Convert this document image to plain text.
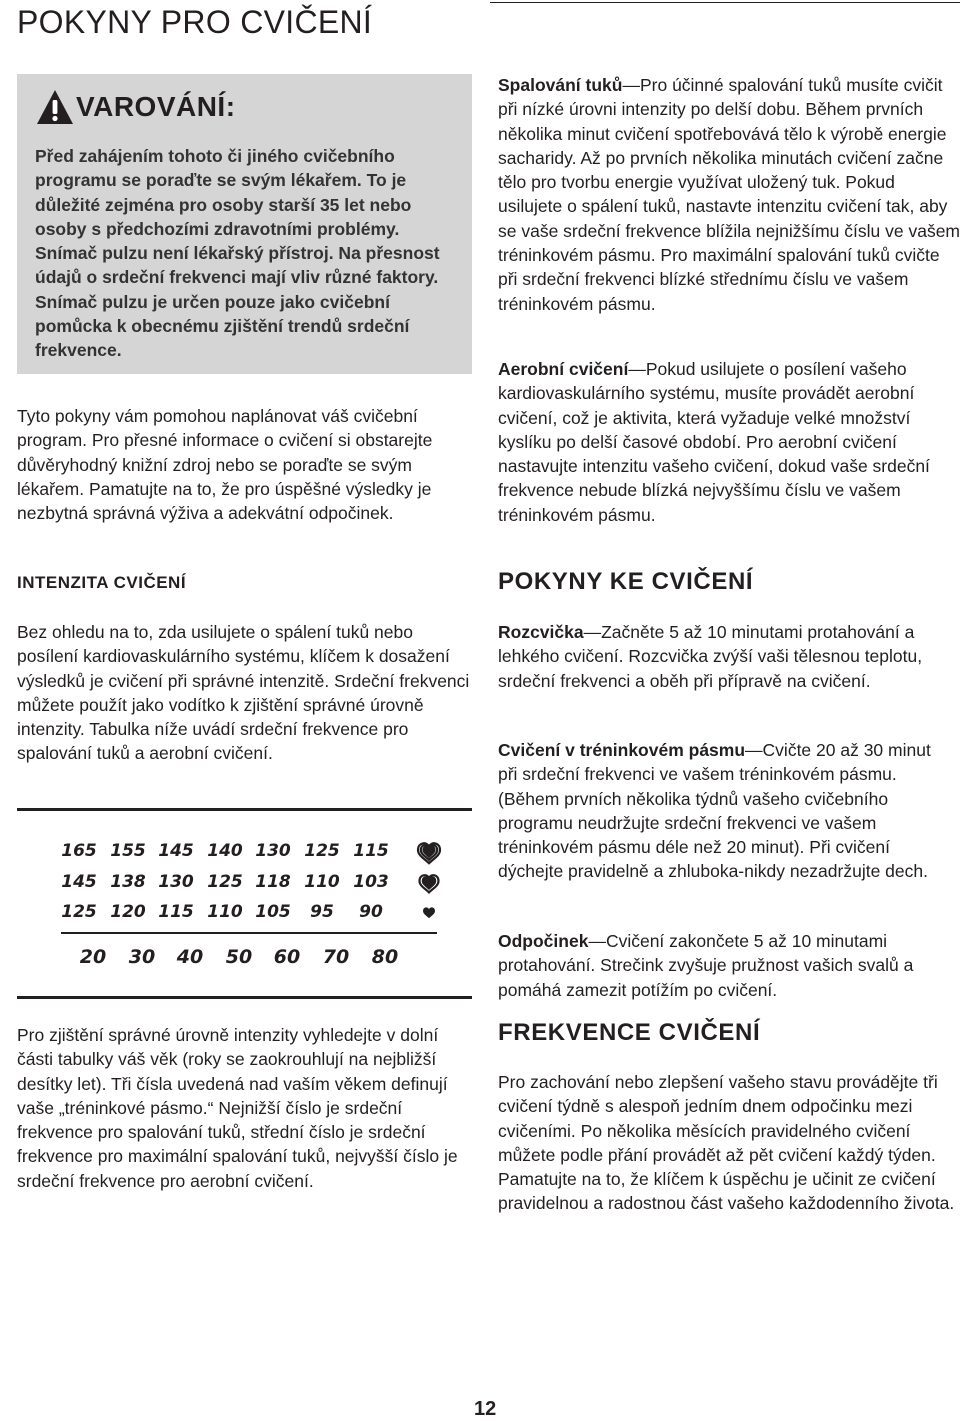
POKYNY PRO CVIČENÍ
VAROVÁNÍ:

Před zahájením tohoto či jiného cvičebního programu se poraďte se svým lékařem. To je důležité zejména pro osoby starší 35 let nebo osoby s předchozími zdravotními problémy. Snímač pulzu není lékařský přístroj. Na přesnost údajů o srdeční frekvenci mají vliv různé faktory. Snímač pulzu je určen pouze jako cvičební pomůcka k obecnému zjištění trendů srdeční frekvence.

Tyto pokyny vám pomohou naplánovat váš cvičební program. Pro přesné informace o cvičení si obstarejte důvěryhodný knižní zdroj nebo se poraďte se svým lékařem. Pamatujte na to, že pro úspěšné výsledky je nezbytná správná výživa a adekvátní odpočinek.

INTENZITA CVIČENÍ

Bez ohledu na to, zda usilujete o spálení tuků nebo posílení kardiovaskulárního systému, klíčem k dosažení výsledků je cvičení při správné intenzitě. Srdeční frekvenci můžete použít jako vodítko k zjištění správné úrovně intenzity. Tabulka níže uvádí srdeční frekvence pro spalování tuků a aerobní cvičení.

165 155 145 140 130 125 115
145 138 130 125 118 110 103
125 120 115 110 105 95 90
20 30 40 50 60 70 80

Pro zjištění správné úrovně intenzity vyhledejte v dolní části tabulky váš věk (roky se zaokrouhlují na nejbližší desítky let). Tři čísla uvedená nad vaším věkem definují vaše „tréninkové pásmo.“ Nejnižší číslo je srdeční frekvence pro spalování tuků, střední číslo je srdeční frekvence pro maximální spalování tuků, nejvyšší číslo je srdeční frekvence pro aerobní cvičení.

Spalování tuků—Pro účinné spalování tuků musíte cvičit při nízké úrovni intenzity po delší dobu. Během prvních několika minut cvičení spotřebovává tělo k výrobě energie sacharidy. Až po prvních několika minutách cvičení začne tělo pro tvorbu energie využívat uložený tuk. Pokud usilujete o spálení tuků, nastavte intenzitu cvičení tak, aby se vaše srdeční frekvence blížila nejnižšímu číslu ve vašem tréninkovém pásmu. Pro maximální spalování tuků cvičte při srdeční frekvenci blízké střednímu číslu ve vašem tréninkovém pásmu.

Aerobní cvičení—Pokud usilujete o posílení vašeho kardiovaskulárního systému, musíte provádět aerobní cvičení, což je aktivita, která vyžaduje velké množství kyslíku po delší časové období. Pro aerobní cvičení nastavujte intenzitu vašeho cvičení, dokud vaše srdeční frekvence nebude blízká nejvyššímu číslu ve vašem tréninkovém pásmu.

POKYNY KE CVIČENÍ

Rozcvička—Začněte 5 až 10 minutami protahování a lehkého cvičení. Rozcvička zvýší vaši tělesnou teplotu, srdeční frekvenci a oběh při přípravě na cvičení.

Cvičení v tréninkovém pásmu—Cvičte 20 až 30 minut při srdeční frekvenci ve vašem tréninkovém pásmu. (Během prvních několika týdnů vašeho cvičebního programu neudržujte srdeční frekvenci ve vašem tréninkovém pásmu déle než 20 minut). Při cvičení dýchejte pravidelně a zhluboka-nikdy nezadržujte dech.

Odpočinek—Cvičení zakončete 5 až 10 minutami protahování. Strečink zvyšuje pružnost vašich svalů a pomáhá zamezit potížím po cvičení.

FREKVENCE CVIČENÍ

Pro zachování nebo zlepšení vašeho stavu provádějte tři cvičení týdně s alespoň jedním dnem odpočinku mezi cvičeními. Po několika měsících pravidelného cvičení můžete podle přání provádět až pět cvičení každý týden. Pamatujte na to, že klíčem k úspěchu je učinit ze cvičení pravidelnou a radostnou část vašeho každodenního života.

12
